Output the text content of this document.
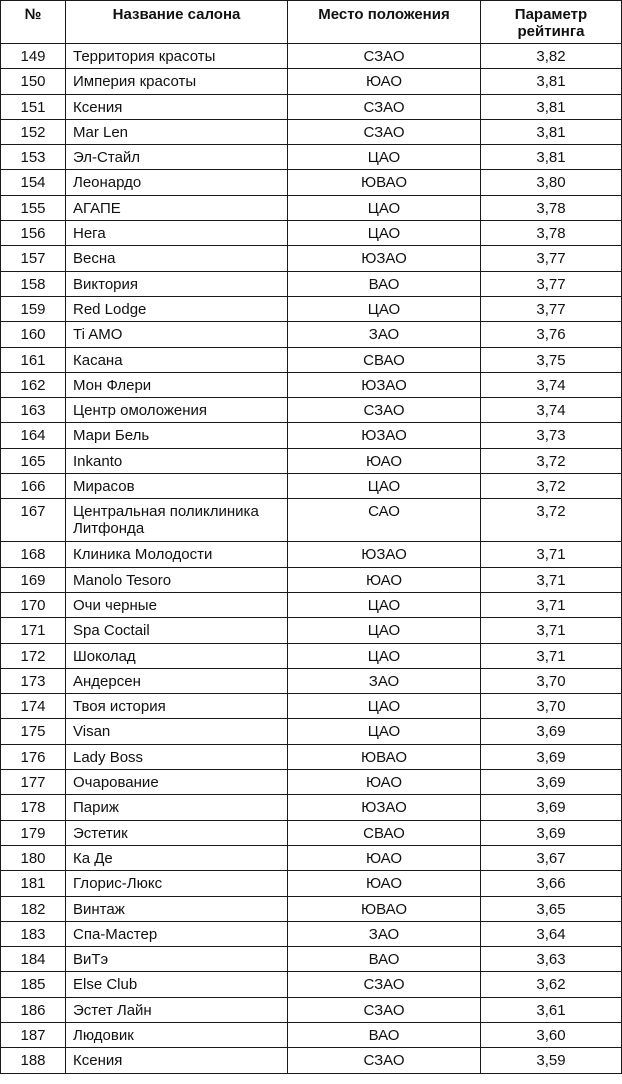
№	Название салона	Место положения	Параметр
рейтинга
149	Территория красоты	СЗАО	3,82
150	Империя красоты	ЮАО	3,81
151	Ксения	СЗАО	3,81
152	Mar Len	СЗАО	3,81
153	Эл-Стайл	ЦАО	3,81
154	Леонардо	ЮВАО	3,80
155	АГАПЕ	ЦАО	3,78
156	Нега	ЦАО	3,78
157	Весна	ЮЗАО	3,77
158	Виктория	ВАО	3,77
159	Red Lodge	ЦАО	3,77
160	Ti AMO	ЗАО	3,76
161	Касана	СВАО	3,75
162	Мон Флери	ЮЗАО	3,74
163	Центр омоложения	СЗАО	3,74
164	Мари Бель	ЮЗАО	3,73
165	Inkanto	ЮАО	3,72
166	Мирасов	ЦАО	3,72
167	Центральная поликлиника Литфонда	САО	3,72
168	Клиника Молодости	ЮЗАО	3,71
169	Manolo Tesoro	ЮАО	3,71
170	Очи черные	ЦАО	3,71
171	Spa Coctail	ЦАО	3,71
172	Шоколад	ЦАО	3,71
173	Андерсен	ЗАО	3,70
174	Твоя история	ЦАО	3,70
175	Visan	ЦАО	3,69
176	Lady Boss	ЮВАО	3,69
177	Очарование	ЮАО	3,69
178	Париж	ЮЗАО	3,69
179	Эстетик	СВАО	3,69
180	Ка Де	ЮАО	3,67
181	Глорис-Люкс	ЮАО	3,66
182	Винтаж	ЮВАО	3,65
183	Спа-Мастер	ЗАО	3,64
184	ВиТэ	ВАО	3,63
185	Else Club	СЗАО	3,62
186	Эстет Лайн	СЗАО	3,61
187	Людовик	ВАО	3,60
188	Ксения	СЗАО	3,59
